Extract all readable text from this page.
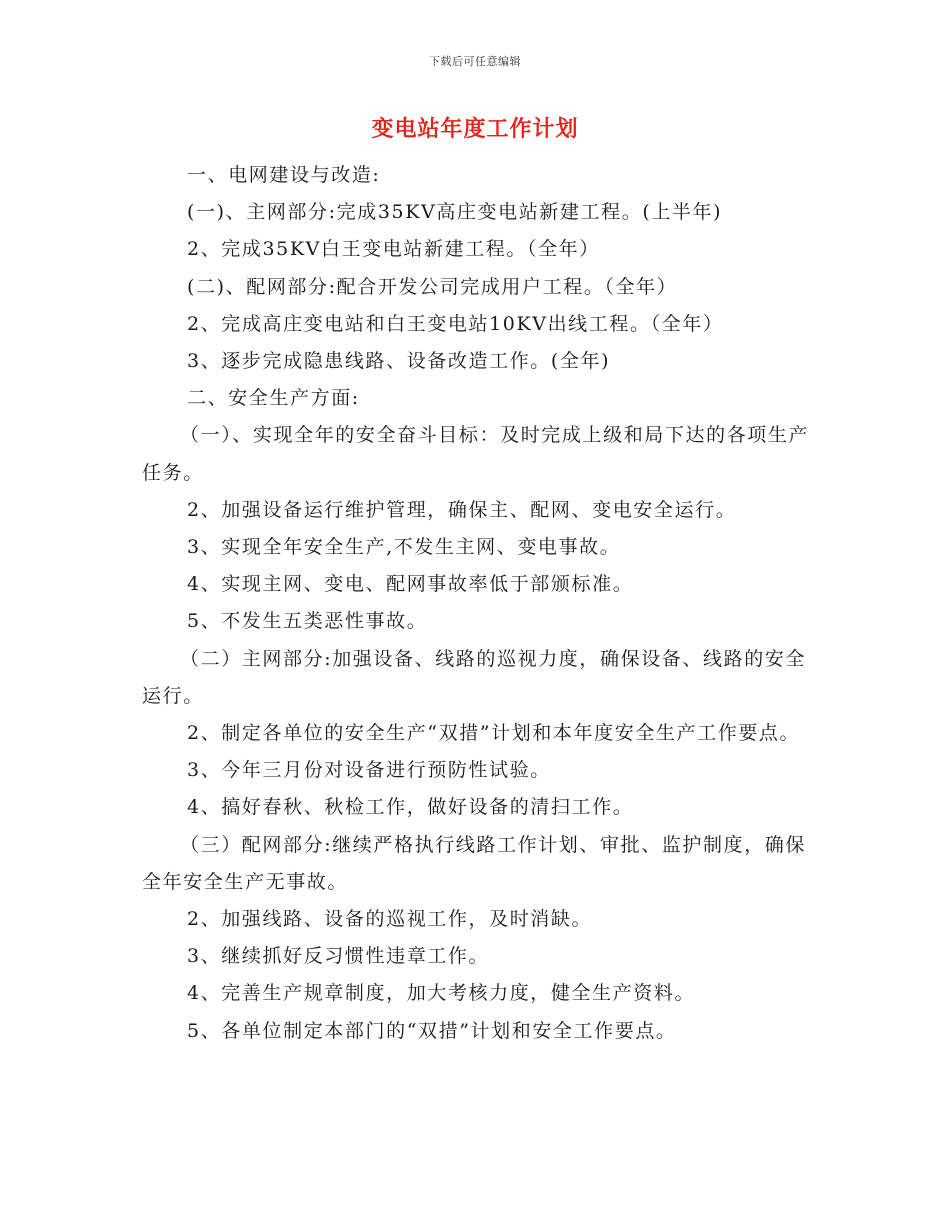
下载后可任意编辑
变电站年度工作计划

一、电网建设与改造:

(一)、主网部分:完成35KV高庄变电站新建工程。(上半年)

2、完成35KV白王变电站新建工程。（全年）

(二)、配网部分:配合开发公司完成用户工程。（全年）

2、完成高庄变电站和白王变电站10KV出线工程。（全年）

3、逐步完成隐患线路、设备改造工作。(全年)

二、安全生产方面:

（一）、实现全年的安全奋斗目标：及时完成上级和局下达的各项生产任务。

2、加强设备运行维护管理，确保主、配网、变电安全运行。

3、实现全年安全生产,不发生主网、变电事故。

4、实现主网、变电、配网事故率低于部颁标准。

5、不发生五类恶性事故。

（二）主网部分:加强设备、线路的巡视力度，确保设备、线路的安全运行。

2、制定各单位的安全生产“双措”计划和本年度安全生产工作要点。

3、今年三月份对设备进行预防性试验。

4、搞好春秋、秋检工作，做好设备的清扫工作。

（三）配网部分:继续严格执行线路工作计划、审批、监护制度，确保全年安全生产无事故。

2、加强线路、设备的巡视工作，及时消缺。

3、继续抓好反习惯性违章工作。

4、完善生产规章制度，加大考核力度，健全生产资料。

5、各单位制定本部门的“双措”计划和安全工作要点。
